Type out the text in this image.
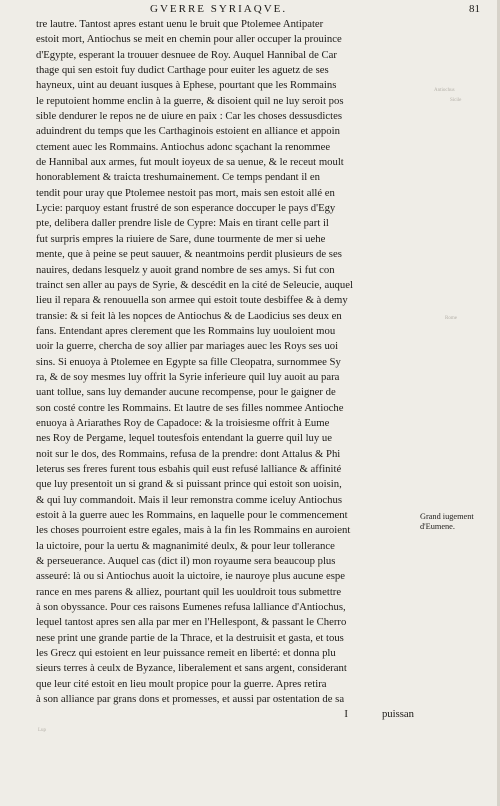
GVERRE SYRIAQVE.	81
tre lautre. Tantost apres estant uenu le bruit que Ptolemee Antipater
estoit mort, Antiochus se meit en chemin pour aller occuper la prouince
d'Egypte, esperant la trouuer desnuee de Roy. Auquel Hannibal de Car
thage qui sen estoit fuy dudict Carthage pour euiter les aguetz de ses
hayneux, uint au deuant iusques à Ephese, pourtant que les Rommains
le reputoient homme enclin à la guerre, & disoient quil ne luy seroit pos
sible dendurer le repos ne de uiure en paix : Car les choses dessusdictes
aduindrent du temps que les Carthaginois estoient en alliance et appoin
ctement auec les Rommains. Antiochus adonc sçachant la renommee
de Hannibal aux armes, fut moult ioyeux de sa uenue, & le receut moult
honorablement & traicta treshumainement. Ce temps pendant il en
tendit pour uray que Ptolemee nestoit pas mort, mais sen estoit allé en
Lycie: parquoy estant frustré de son esperance doccuper le pays d'Egy
pte, delibera daller prendre lisle de Cypre: Mais en tirant celle part il
fut surpris empres la riuiere de Sare, dune tourmente de mer si uehe
mente, que à peine se peut sauuer, & neantmoins perdit plusieurs de ses
nauires, dedans lesquelz y auoit grand nombre de ses amys. Si fut con
trainct sen aller au pays de Syrie, & descédit en la cité de Seleucie, auquel
lieu il repara & renouuella son armee qui estoit toute desbiffee & à demy
transie: & si feit là les nopces de Antiochus & de Laodicius ses deux en
fans. Entendant apres clerement que les Rommains luy uouloient mou
uoir la guerre, chercha de soy allier par mariages auec les Roys ses uoi
sins. Si enuoya à Ptolemee en Egypte sa fille Cleopatra, surnommee Sy
ra, & de soy mesmes luy offrit la Syrie inferieure quil luy auoit au para
uant tollue, sans luy demander aucune recompense, pour le gaigner de
son costé contre les Rommains. Et lautre de ses filles nommee Antioche
enuoya à Ariarathes Roy de Capadoce: & la troisiesme offrit à Eume
nes Roy de Pergame, lequel toutesfois entendant la guerre quil luy ue
noit sur le dos, des Rommains, refusa de la prendre: dont Attalus & Phi
leterus ses freres furent tous esbahis quil eust refusé lalliance & affinité
que luy presentoit un si grand & si puissant prince qui estoit son uoisin,
& qui luy commandoit. Mais il leur remonstra comme iceluy Antiochus
estoit à la guerre auec les Rommains, en laquelle pour le commencement
les choses pourroient estre egales, mais à la fin les Rommains en auroient
la uictoire, pour la uertu & magnanimité deulx, & pour leur tollerance
& perseuerance. Auquel cas (dict il) mon royaume sera beaucoup plus
asseuré: là ou si Antiochus auoit la uictoire, ie nauroye plus aucune espe
rance en mes parens & alliez, pourtant quil les uouldroit tous submettre
à son obyssance. Pour ces raisons Eumenes refusa lalliance d'Antiochus,
lequel tantost apres sen alla par mer en l'Hellespont, & passant le Cherro
nese print une grande partie de la Thrace, et la destruisit et gasta, et tous
les Grecz qui estoient en leur puissance remeit en liberté: et donna plu
sieurs terres à ceulx de Byzance, liberalement et sans argent, considerant
que leur cité estoit en lieu moult propice pour la guerre. Apres retira
à son alliance par grans dons et promesses, et aussi par ostentation de sa
I	puissan
Grand iugement d'Eumene.
Antiochus
Sicile
Rome
Lup
